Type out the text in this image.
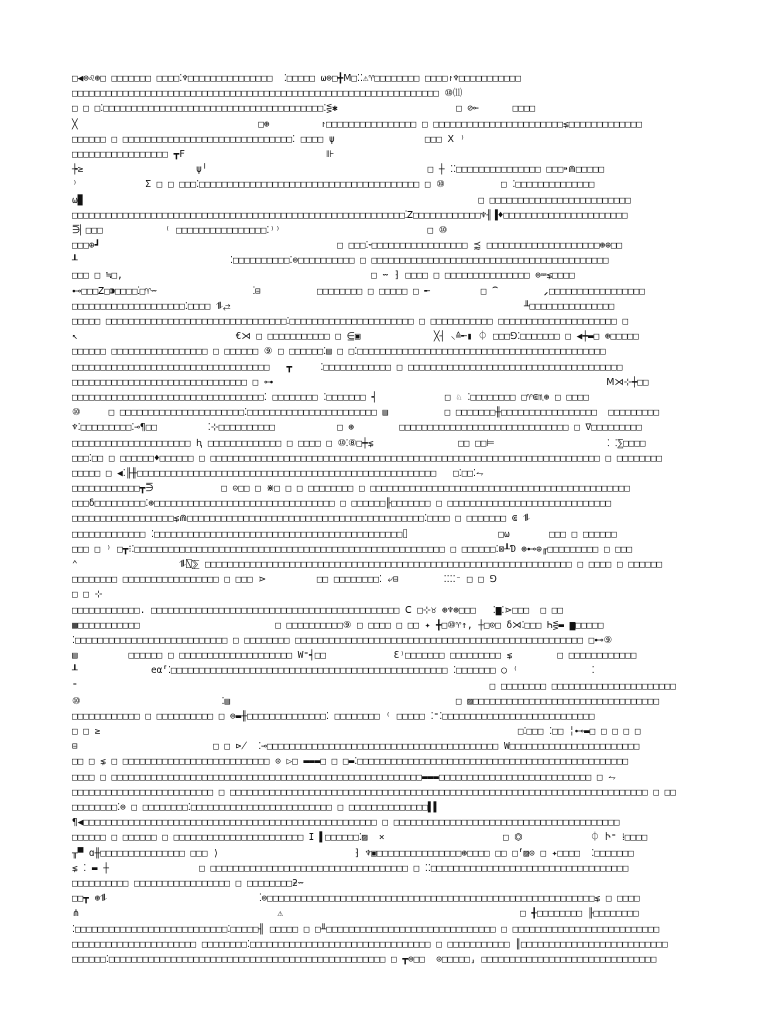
□◀⊜♌⊛□ □□□□□□□ □□□□⁚♆□□□□□□□□□□□□□□□  ⁚□□□□□ ⍵⊜□╋Ⅿ□⁚⁚⚠♈□□□□□□□□ □□□□↾♆□□□□□□□□□□□
□□□□□□□□□□□□□□□□□□□□□□□□□□□□□□□□□□□□□□□□□□□□□□□□□□□□□□□□□□□□□□□□□ ⑩⑾
□ □ □⁚□□□□□□□□□□□□□□□□□□□□□□□□□□□□□□□□□□□□□□□⁚⋚✱                     □ ⊘⟜      □□□□
╳                                □⊛         ↾□□□□□□□□□□□□□□□□ □ □□□□□□□□□□□□□□□□□□□□□□□⋦□□□□□□□□□□□□□
□□□□□□ □ □□□□□□□□□□□□□□□□□□□□□□□□□□□□□□⁚ □□□□ ψ                □□□ Ⅹ ⁾
□□□□□□□□□□□□□□□□□ ┳Ϝ                         ⊪
┾≥                    ψ╵                                       □ ┼ ⁚⁚□□□□□□□□□□□□□□□ □□□⁍⋒□□□□□
⁾            Σ □ □ □□□⁚□□□□□□□□□□□□□□□□□□□□□□□□□□□□□□□□□□□□□□□ □ ⑩          □ ⁚□□□□□□□□□□□□□□
⍵▉                                                                      □ □□□□□□□□□□□□□□□□□□□□□□□□□
□□□□□□□□□□□□□□□□□□□□□□□□□□□□□□□□□□□□□□□□□□□□□□□□□□□□□□□□□□□⁚Ꮓ□□□□□□□□□□□□♆╢▐♦□□□□□□□□□□□□□□□□□□□□□□
⋽▏□□□           ⁽ □□□□□□□□□□□□□□□□⁚⁾⁾                          □ ⑩
□□□⊕┛                                          □ □□□⁚⏑□□□□□□□□□□□□□□□□□ ⪷ □□□□□□□□□□□□□□□□□□□□⊛⊕□□
┸                           ⁚□□□□□□□□□□⁚⊜□□□□□□□□□□ □ □□□□□□□□□□□□□□□□□□□□□□□□□□□□□□□□□□□□□□□□□□
□□□ □ ≒□,                                            □ ⏖ ⁆ □□□□ □ □□□□□□□□□□□□□□□ ⊜⌨⋦□□□□
⊷□□□Ꮓ□⁍□□□□⁚□♈⏖                 ⁚⊟          □□□□□□□□ □ □□□□□ □ ╾         □ ⁀        ⸝□□□□□□□□□□□□□□□□□
□□□□□□□□□□□□□□□□□□□□⁚□□□□ ⥮⥄                                                    ╨□□□□□□□□□□□□□□□
□□□□□ □□□□□□□□□□□□□□□□□□□□□□□□□□□□□□□□⁚□□□□□□□□□□□□□□□□□□□□□□ □ □□□□□□□□□□□ □□□□□□□□□□□□□□□□□□□□□ □
↖                            €⋊ □ □□□□□□□□□□□ □ ⋸▣             ╳┤ ⸜≙╾▮ ⏀ □□□⅁⁚□□□□□□□ □ ◀┿▬□ ⊛□□□□□
□□□□□□ □□□□□□□□□□□□□□□□□ □ □□□□□□ ⑨ □ □□□□□□⁚▤ □ □⁚□□□□□□□□□□□□□□□□□□□□□□□□□□□□□□□□□□□□□□□□□□□□
□□□□□□□□□□□□□□□□□□□□□□□□□□□□□□□□□□□   ┳     ⁚□□□□□□□□□□□□ □ □□□□□□□□□□□□□□□□□□□□□□□□□□□□□□□□□□□□□□
□□□□□□□□□□□□□□□□□□□□□□□□□□□□□□□ □ ⊶                                                           Ⅿ⋊⊹┿□□
□□□□□□□□□□□□□□□□□□□□□□□□□□□□□□□□□□⁚ □□□□□□□□ ⁚□□□□□□□ ┥            □ ♘ ⁚□□□□□□□□ □♈⋐♏⊛ □ □□□□
⑩     □ □□□□□□□□□□□□□□□□□□□□□□⁚□□□□□□□□□□□□□□□□□□□□□□□ ▤          □ □□□□□□□╫□□□□□□□□□□□□□□□□□  □□□□□□□□□
♆⁚□□□□□□□□□⁚⊸¶□□         ⁚⊹□□□□□□□□□□           □ ⊛        □□□□□□□□□□□□□□□□□□□□□□□□□□□□□□ □ ∇□□□□□□□□□
□□□□□□□□□□□□□□□□□□□□□ ԧ □□□□□□□□□□□□□ □ □□□□ □ ⑩⁚⑧□┿⋦               □□ □□⊨                    ⁚ ⁚⅀□□□□
□□□⁚□□ □ □□□□□□♦□□□□□□ □ □□□□□□□□□□□□□□□□□□□□□□□□□□□□□□□□□□□□□□□□□□□□□□□□□□□□□□□□□□□□□□□□□□□□□ □ □□□□□□□□
□□□□□ □ ◀⁚╟╫□□□□□□□□□□□□□□□□□□□□□□□□□□□□□□□□□□□□□□□□□□□□□□□□□□□□□   □⁚□□⁚⥊
□□□□□□□□□□□□┳⋽            □ ⊝□□ □ ⋇□ □ □ □□□□□□□□ □ □□□□□□□□□□□□□□□□□□□□□□□□□□□□□□□□□□□□□□□□□□□□□□
□□□δ□□□□□□□□□⁚⊛□□□□□□□□□□□□□□□□□□□□□□□□□□□□□□□□ □ □□□□□□╟□□□□□□□ □ □□□□□□□□□□□□□□□□□□□□□□□□□□□□□
□□□□□□□□□□□□□□□□□□⋦⋒□□□□□□□□□□□□□□□□□□□□□□□□□□□□□□□□□□□□□□□□□□⁚□□□□ □ □□□□□□□ ⋐ ⥮
□□□□□□□□□□□□□ ⁚□□□□□□□□□□□□□□□□□□□□□□□□□□□□□□□□□□□□□□□□□□□□⌷                □⍵       □□□ □ □□□□□□
□□□ □ ⁾ □┳⁝⁚□□□□□□□□□□□□□□□□□□□□□□□□□□□□□□□□□□□□□□□□□□□□□□□□□□□□□□□ □ □□□□□□⁚⊠┸Ɗ ⊛⊷⊕╓□□□□□□□□□ □ □□□
⌃                  ⥮⍂⅀ □□□□□□□□□□□□□□□□□□□□□□□□□□□□□□□□□□□□□□□□□□□□□□□□□□□□□□□□□□□□□□□□□ □ □□□□ □ □□□□□□
□□□□□□□□ □□□□□□□□□□□□□□□□□ □ □□□ ⋗         □□ □□□□□□□□⁚ ⤶⊟        ⁚⁚⁚⁚⁻ □ □ ⅁
□ □ ⊹
□□□□□□□□□□□□. □□□□□□□□□□□□□□□□□□□□□□□□□□□□□□□□□□□□□□□□□□□□ Ⅽ □⊹♉ ⊛♆⊛□□□   ⁚▆⁚⋗□□□  □ □□
▦□□□□□□□□□□□                        □ □□□□□□□□□□⑨ □ □□□□ □ □□ ✦ ╋□⑩♈↑, ┼□⊙□ δ⋊⁚□□□ Ꮒ⋚▬ ▆□□□□□
⁚□□□□□□□□□□□□□□□□□□□□□□□□□□□ □ □□□□□□□□ □□□□□□□□□□□□□□□□□□□□□□□□□□□□□□□□□□□□□□□□□□□□□□□□□□□ □⊷⑨
▤         □□□□□□ □ □□□□□□□□□□□□□□□□□□□□ W⁼┥□□            Ɛ⁾□□□□□□□ □□□□□□□□□ ⋦        □ □□□□□□□□□□□□
┸             eα⸢⁚□□□□□□□□□□□□□□□□□□□□□□□□□□□□□□□□□□□□□□□□□□□□□□□□□ ⁚□□□□□□□ ◯ ⁽             ⁚
⁼                                                                         □ □□□□□□□□ □□□□□□□□□□□□□□□□□□□□□□
⑩                         ⁚▤                                        □ ▨□□□□□□□□□□□□□□□□□□□□□□□□□□□□□□□□□
□□□□□□□□□□□□ □ □□□□□□□□□□ □ ⊜▬╫□□□□□□□□□□□□□□⁚ □□□□□□□□ ⁽ □□□□□ ⁚⁼⁚□□□□□□□□□□□□□□□□□□□□□□□□□□□
□ □ ≥                                                                          □⁚□□□ ⁚□□ ╎⊷▬□ □ □ □ □
⊟                        □ □ ⋫  ⁚⊸□□□□□□□□□□□□□□□□□□□□□□□□□□□□□□□□□□□□□□□□□ W□□□□□□□□□□□□□□□□□□□□□□□
□□ □ ⋦ □ □□□□□□□□□□□□□□□□□□□□□□□□□□ ⊙ ▷□ ▬▬▬□ □ □▬⁚□□□□□□□□□□□□□□□□□□□□□□□□□□□□□□□□□□□□□□□□□□□□□□□□
□□□□ □ □□□□□□□□□□□□□□□□□□□□□□□□□□□□□□□□□□□□□□□□□□□□□□□□□□□□□□□▬▬▬□□□□□□□□□□□□□□□□□□□□□□□□□□□ □ ⥊
□□□□□□□□□□□□□□□□□□□□□□□□□ □ □□□□□□□□□□□□□□□□□□□□□□□□□□□□□□□□□□□□□□□□□□□□□□□□□□□□□□□□□□□□□□□□□□□□□□□□□□ □ □□
□□□□□□□□⁚⊜ □ □□□□□□□□⁚□□□□□□□□□□□□□□□□□□□□□□□□□ □ □□□□□□□□□□□□□□▌▌
¶◀□□□□□□□□□□□□□□□□□□□□□□□□□□□□□□□□□□□□□□□□□□□□□□□□□□□□ □ □□□□□□□□□□□□□□□□□□□□□□□□□□□□□□□□□□□□□□□□
□□□□□□ □ □□□□□□ □ □□□□□□□□□□□□□□□□□□□□□□□ ⵊ ▌□□□□□□⁚▨  ⨯                     □ ⏣            ⏀ Ⴡ⁼ ⁞□□□□
╥▀ ɑ╫□□□□□□□□□□□□□□□ □□□ ⟩                        ⁆ ♆▣□□□□□□□□□□□□□□□⊛□□□□ □□ □⸢▨⊙ □ ✦□□□□  ⁚□□□□□□□
⋦ ⁚ ▬ ┼                □ □□□□□□□□□□□□□□□□□□□□□□□□□□□□□□□□□□□ □ ⁚⁚□□□□□□□□□□□□□□□□□□□□□□□□□□□□□□□□□□□
□□□□□□□□□□ □□□□□□□□□□□□□□□□□ □ □□□□□□□□ƻ⏖
□□┳ ⊛⥮                           ⁚⊜□□□□□□□□□□□□□□□□□□□□□□□□□□□□□□□□□□□□□□□□□□□□□□□□□□□□□□□□□□⋦ □ □□□□
⋔                                   ⚠                                          □ ╉□□□□□□□□ ╟□□□□□□□□
⁚□□□□□□□□□□□□□□□□□□□□□□□□□□□⁚□□□□□╢ □□□□□ □ □╨□□□□□□□□□□□□□□□□□□□□□□□□□□□□□□ □ □□□□□□□□□□□□□□□□□□□□□□□□□□
□□□□□□□□□□□□□□□□□□□□□□ □□□□□□□□⁚□□□□□□□□□□□□□□□□□□□□□□□□□□□□□□□□ □ □□□□□□□□□□□ ║□□□□□□□□□□□□□□□□□□□□□□□□□□
□□□□□□⁚□□□□□□□□□□□□□□□□□□□□□□□□□□□□□□□□□□□□□□□□□□□□□□□□□ □ ┳⊜□□  ⊙□□□□□⸥ □□□□□□□□□□□□□□□□□□□□□□□□□□□□□□□
